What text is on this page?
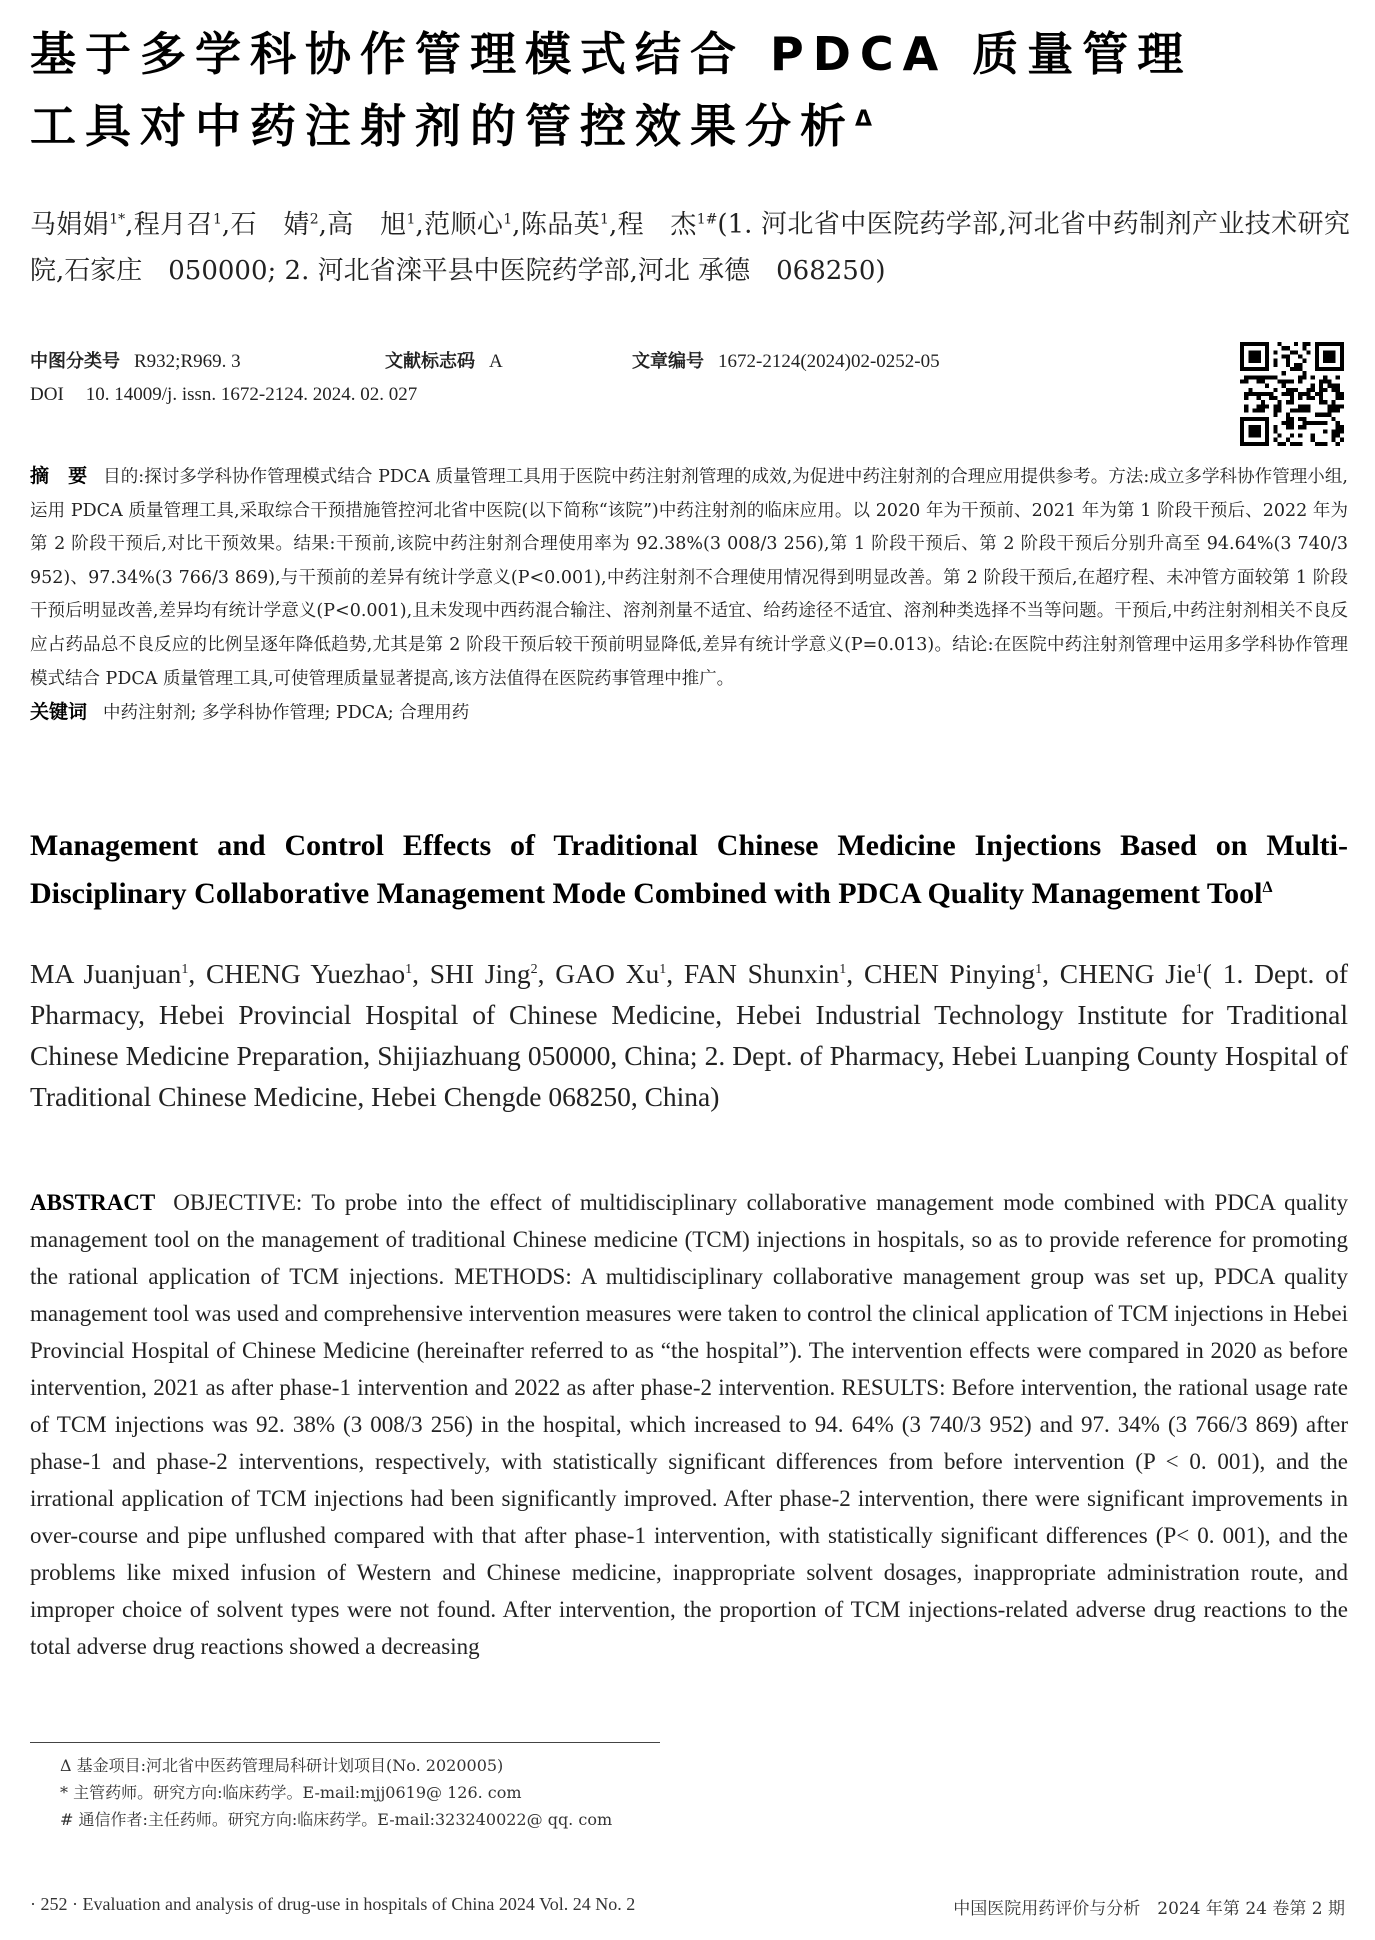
基于多学科协作管理模式结合 PDCA 质量管理
工具对中药注射剂的管控效果分析$^\Delta$
马娟娟$^{1*}$,程月召$^1$,石　婧$^2$,高　旭$^1$,范顺心$^1$,陈品英$^1$,程　杰$^{1\#}$(1. 河北省中医院药学部,河北省中药制剂产业技术研究院,石家庄　050000; 2. 河北省滦平县中医院药学部,河北 承德　068250)
中图分类号 R932;R969. 3	文献标志码 A	文章编号 1672-2124(2024)02-0252-05
DOI 10. 14009/j. issn. 1672-2124. 2024. 02. 027
摘　要 目的:探讨多学科协作管理模式结合 PDCA 质量管理工具用于医院中药注射剂管理的成效,为促进中药注射剂的合理应用提供参考。方法:成立多学科协作管理小组,运用 PDCA 质量管理工具,采取综合干预措施管控河北省中医院(以下简称“该院”)中药注射剂的临床应用。以 2020 年为干预前、2021 年为第 1 阶段干预后、2022 年为第 2 阶段干预后,对比干预效果。结果:干预前,该院中药注射剂合理使用率为 92.38%(3 008/3 256),第 1 阶段干预后、第 2 阶段干预后分别升高至 94.64%(3 740/3 952)、97.34%(3 766/3 869),与干预前的差异有统计学意义(P<0.001),中药注射剂不合理使用情况得到明显改善。第 2 阶段干预后,在超疗程、未冲管方面较第 1 阶段干预后明显改善,差异均有统计学意义(P<0.001),且未发现中西药混合输注、溶剂剂量不适宜、给药途径不适宜、溶剂种类选择不当等问题。干预后,中药注射剂相关不良反应占药品总不良反应的比例呈逐年降低趋势,尤其是第 2 阶段干预后较干预前明显降低,差异有统计学意义(P=0.013)。结论:在医院中药注射剂管理中运用多学科协作管理模式结合 PDCA 质量管理工具,可使管理质量显著提高,该方法值得在医院药事管理中推广。
关键词 中药注射剂; 多学科协作管理; PDCA; 合理用药
Management and Control Effects of Traditional Chinese Medicine Injections Based on Multi-Disciplinary Collaborative Management Mode Combined with PDCA Quality Management Tool$^\Delta$
MA Juanjuan$^1$, CHENG Yuezhao$^1$, SHI Jing$^2$, GAO Xu$^1$, FAN Shunxin$^1$, CHEN Pinying$^1$, CHENG Jie$^1$( 1. Dept. of Pharmacy, Hebei Provincial Hospital of Chinese Medicine, Hebei Industrial Technology Institute for Traditional Chinese Medicine Preparation, Shijiazhuang 050000, China; 2. Dept. of Pharmacy, Hebei Luanping County Hospital of Traditional Chinese Medicine, Hebei Chengde 068250, China)
ABSTRACT OBJECTIVE: To probe into the effect of multidisciplinary collaborative management mode combined with PDCA quality management tool on the management of traditional Chinese medicine (TCM) injections in hospitals, so as to provide reference for promoting the rational application of TCM injections. METHODS: A multidisciplinary collaborative management group was set up, PDCA quality management tool was used and comprehensive intervention measures were taken to control the clinical application of TCM injections in Hebei Provincial Hospital of Chinese Medicine (hereinafter referred to as “the hospital”). The intervention effects were compared in 2020 as before intervention, 2021 as after phase-1 intervention and 2022 as after phase-2 intervention. RESULTS: Before intervention, the rational usage rate of TCM injections was 92. 38% (3 008/3 256) in the hospital, which increased to 94. 64% (3 740/3 952) and 97. 34% (3 766/3 869) after phase-1 and phase-2 interventions, respectively, with statistically significant differences from before intervention (P < 0. 001), and the irrational application of TCM injections had been significantly improved. After phase-2 intervention, there were significant improvements in over-course and pipe unflushed compared with that after phase-1 intervention, with statistically significant differences (P< 0. 001), and the problems like mixed infusion of Western and Chinese medicine, inappropriate solvent dosages, inappropriate administration route, and improper choice of solvent types were not found. After intervention, the proportion of TCM injections-related adverse drug reactions to the total adverse drug reactions showed a decreasing
Δ 基金项目:河北省中医药管理局科研计划项目(No. 2020005)
* 主管药师。研究方向:临床药学。E-mail:mjj0619@ 126. com
# 通信作者:主任药师。研究方向:临床药学。E-mail:323240022@ qq. com
· 252 · Evaluation and analysis of drug-use in hospitals of China 2024 Vol. 24 No. 2	中国医院用药评价与分析　2024 年第 24 卷第 2 期
